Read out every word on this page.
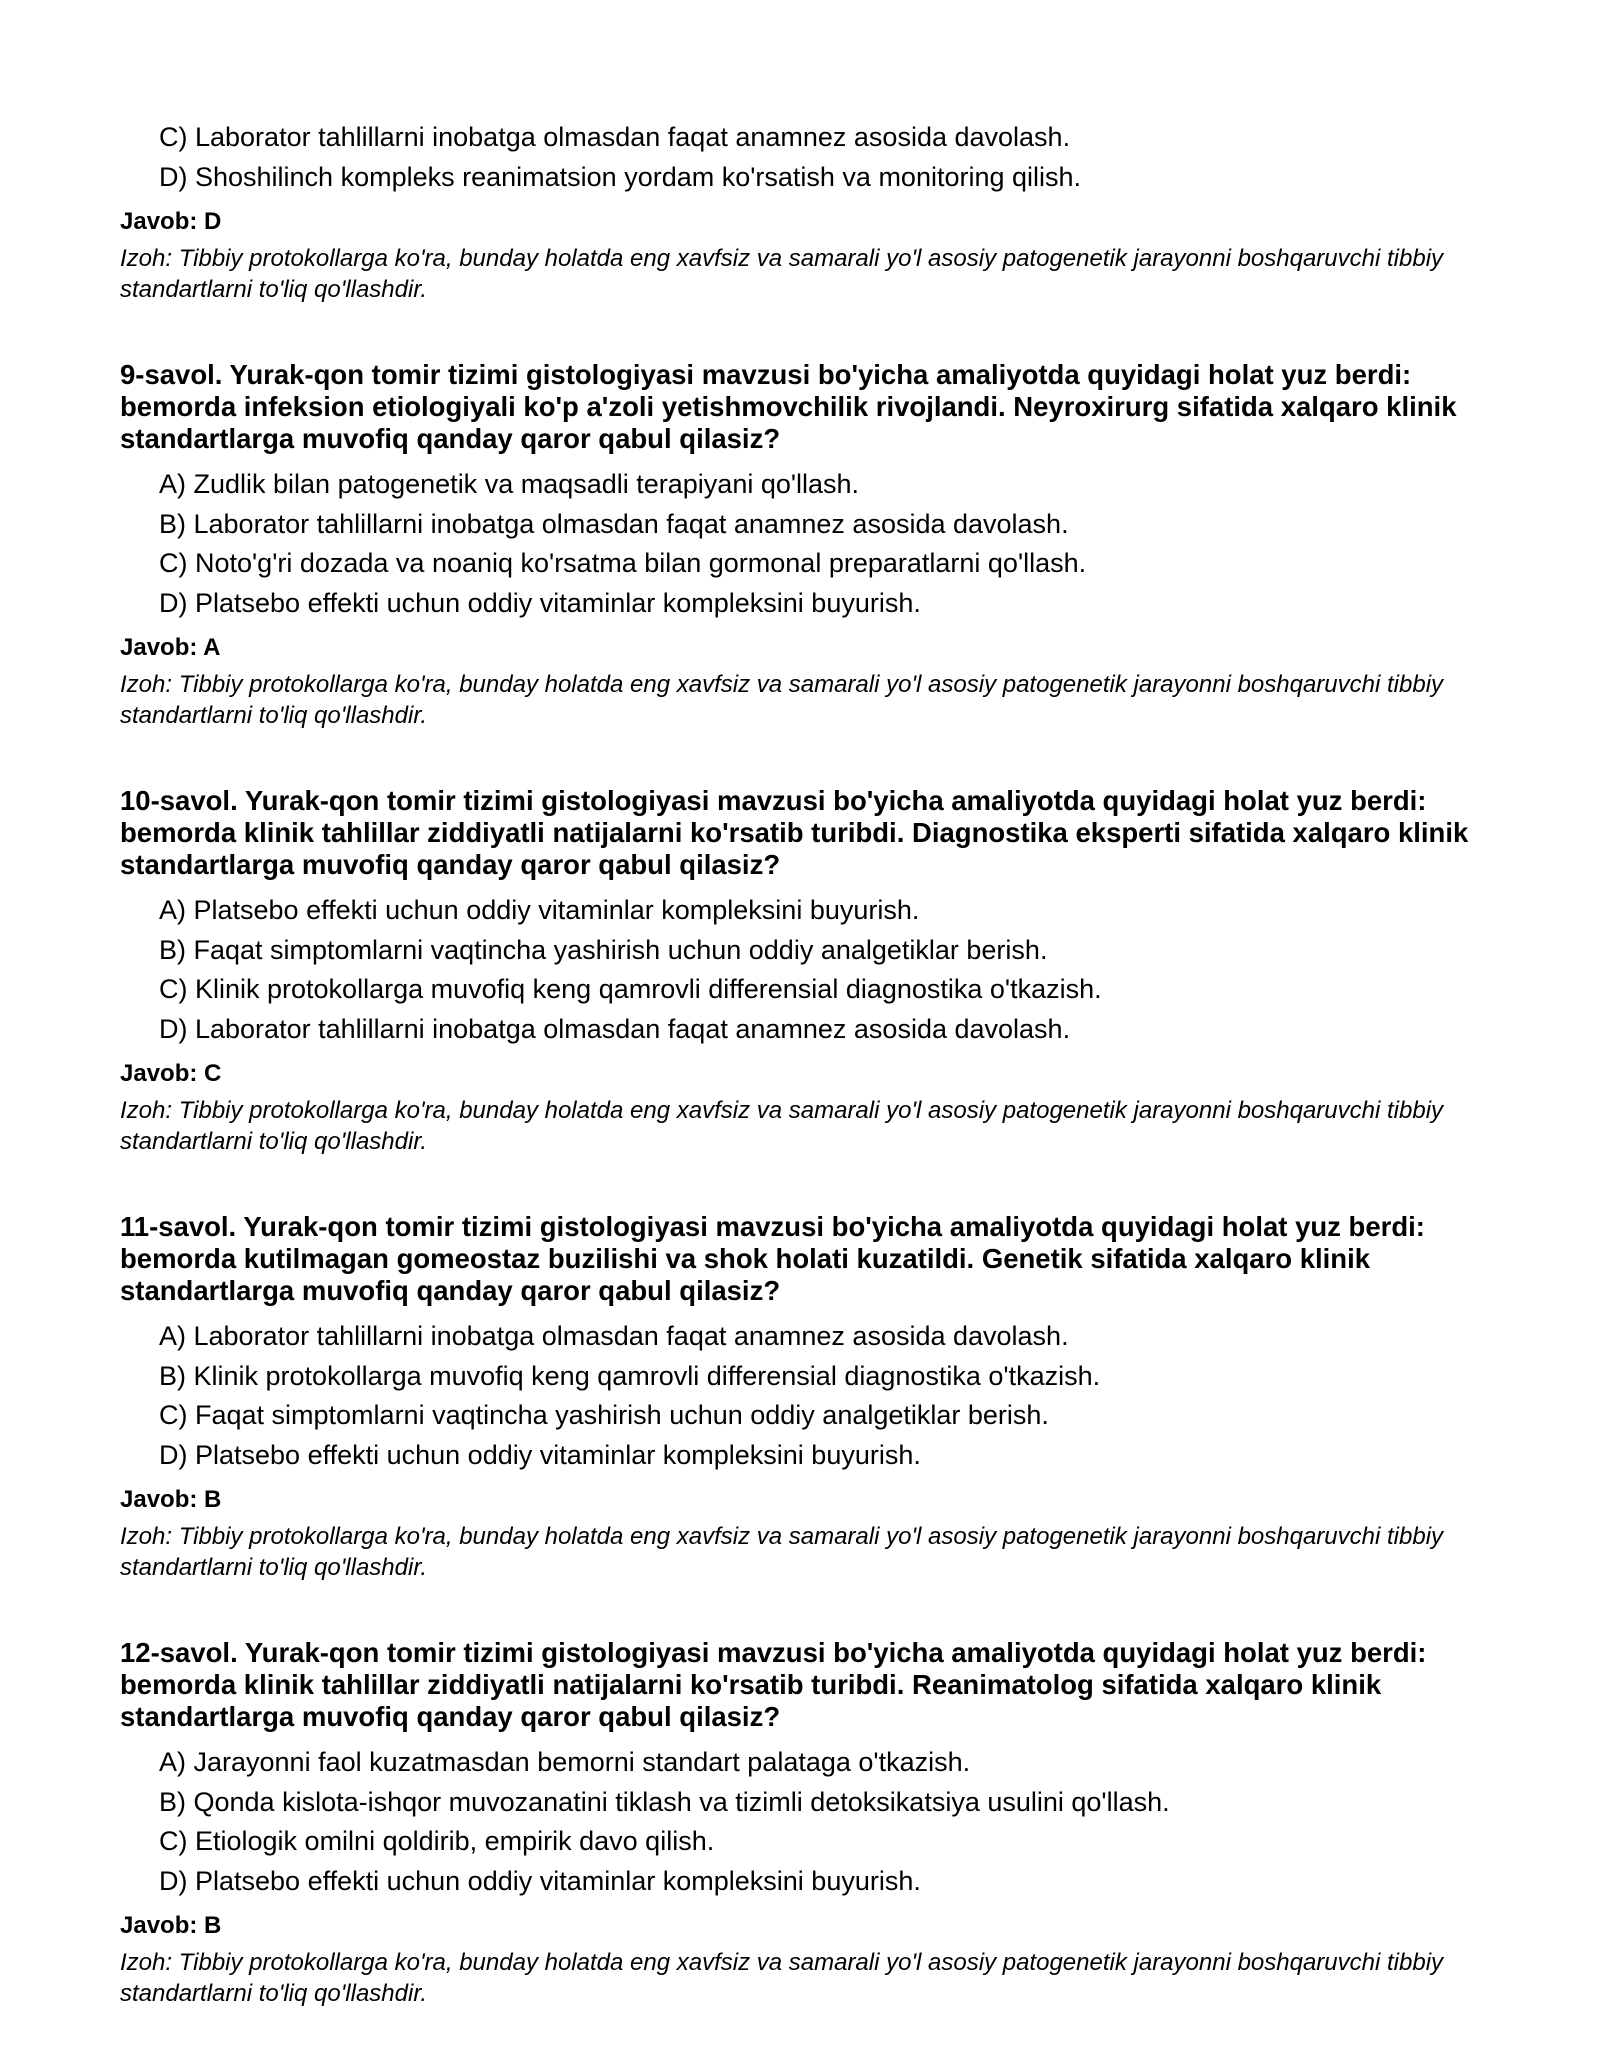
C) Laborator tahlillarni inobatga olmasdan faqat anamnez asosida davolash.
D) Shoshilinch kompleks reanimatsion yordam ko'rsatish va monitoring qilish.

Javob: D

Izoh: Tibbiy protokollarga ko'ra, bunday holatda eng xavfsiz va samarali yo'l asosiy patogenetik jarayonni boshqaruvchi tibbiy standartlarni to'liq qo'llashdir.

9-savol. Yurak-qon tomir tizimi gistologiyasi mavzusi bo'yicha amaliyotda quyidagi holat yuz berdi: bemorda infeksion etiologiyali ko'p a'zoli yetishmovchilik rivojlandi. Neyroxirurg sifatida xalqaro klinik standartlarga muvofiq qanday qaror qabul qilasiz?

A) Zudlik bilan patogenetik va maqsadli terapiyani qo'llash.
B) Laborator tahlillarni inobatga olmasdan faqat anamnez asosida davolash.
C) Noto'g'ri dozada va noaniq ko'rsatma bilan gormonal preparatlarni qo'llash.
D) Platsebo effekti uchun oddiy vitaminlar kompleksini buyurish.

Javob: A

Izoh: Tibbiy protokollarga ko'ra, bunday holatda eng xavfsiz va samarali yo'l asosiy patogenetik jarayonni boshqaruvchi tibbiy standartlarni to'liq qo'llashdir.

10-savol. Yurak-qon tomir tizimi gistologiyasi mavzusi bo'yicha amaliyotda quyidagi holat yuz berdi: bemorda klinik tahlillar ziddiyatli natijalarni ko'rsatib turibdi. Diagnostika eksperti sifatida xalqaro klinik standartlarga muvofiq qanday qaror qabul qilasiz?

A) Platsebo effekti uchun oddiy vitaminlar kompleksini buyurish.
B) Faqat simptomlarni vaqtincha yashirish uchun oddiy analgetiklar berish.
C) Klinik protokollarga muvofiq keng qamrovli differensial diagnostika o'tkazish.
D) Laborator tahlillarni inobatga olmasdan faqat anamnez asosida davolash.

Javob: C

Izoh: Tibbiy protokollarga ko'ra, bunday holatda eng xavfsiz va samarali yo'l asosiy patogenetik jarayonni boshqaruvchi tibbiy standartlarni to'liq qo'llashdir.

11-savol. Yurak-qon tomir tizimi gistologiyasi mavzusi bo'yicha amaliyotda quyidagi holat yuz berdi: bemorda kutilmagan gomeostaz buzilishi va shok holati kuzatildi. Genetik sifatida xalqaro klinik standartlarga muvofiq qanday qaror qabul qilasiz?

A) Laborator tahlillarni inobatga olmasdan faqat anamnez asosida davolash.
B) Klinik protokollarga muvofiq keng qamrovli differensial diagnostika o'tkazish.
C) Faqat simptomlarni vaqtincha yashirish uchun oddiy analgetiklar berish.
D) Platsebo effekti uchun oddiy vitaminlar kompleksini buyurish.

Javob: B

Izoh: Tibbiy protokollarga ko'ra, bunday holatda eng xavfsiz va samarali yo'l asosiy patogenetik jarayonni boshqaruvchi tibbiy standartlarni to'liq qo'llashdir.

12-savol. Yurak-qon tomir tizimi gistologiyasi mavzusi bo'yicha amaliyotda quyidagi holat yuz berdi: bemorda klinik tahlillar ziddiyatli natijalarni ko'rsatib turibdi. Reanimatolog sifatida xalqaro klinik standartlarga muvofiq qanday qaror qabul qilasiz?

A) Jarayonni faol kuzatmasdan bemorni standart palataga o'tkazish.
B) Qonda kislota-ishqor muvozanatini tiklash va tizimli detoksikatsiya usulini qo'llash.
C) Etiologik omilni qoldirib, empirik davo qilish.
D) Platsebo effekti uchun oddiy vitaminlar kompleksini buyurish.

Javob: B

Izoh: Tibbiy protokollarga ko'ra, bunday holatda eng xavfsiz va samarali yo'l asosiy patogenetik jarayonni boshqaruvchi tibbiy standartlarni to'liq qo'llashdir.
